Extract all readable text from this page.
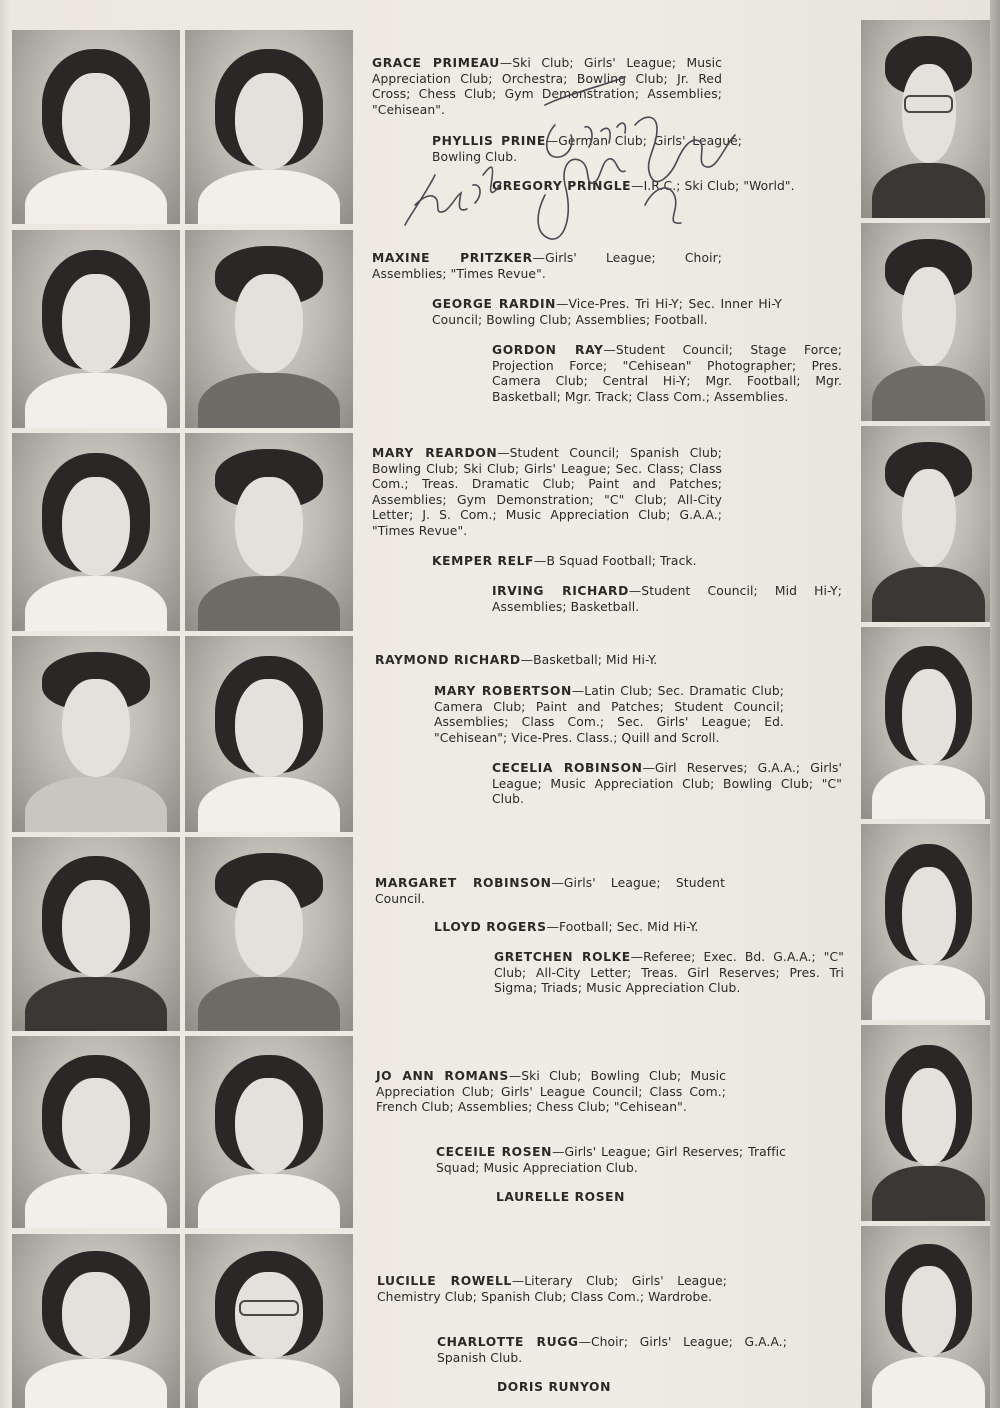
GRACE PRIMEAU—Ski Club; Girls' League; Music Appreciation Club; Orchestra; Bowling Club; Jr. Red Cross; Chess Club; Gym Demonstration; Assemblies; "Cehisean".
PHYLLIS PRINE—German Club; Girls' League; Bowling Club.
GREGORY PRINGLE—I.R.C.; Ski Club; "World".
MAXINE PRITZKER—Girls' League; Choir; Assemblies; "Times Revue".
GEORGE RARDIN—Vice-Pres. Tri Hi-Y; Sec. Inner Hi-Y Council; Bowling Club; Assemblies; Football.
GORDON RAY—Student Council; Stage Force; Projection Force; "Cehisean" Photographer; Pres. Camera Club; Central Hi-Y; Mgr. Football; Mgr. Basketball; Mgr. Track; Class Com.; Assemblies.
MARY REARDON—Student Council; Spanish Club; Bowling Club; Ski Club; Girls' League; Sec. Class; Class Com.; Treas. Dramatic Club; Paint and Patches; Assemblies; Gym Demonstration; "C" Club; All-City Letter; J. S. Com.; Music Appreciation Club; G.A.A.; "Times Revue".
KEMPER RELF—B Squad Football; Track.
IRVING RICHARD—Student Council; Mid Hi-Y; Assemblies; Basketball.
RAYMOND RICHARD—Basketball; Mid Hi-Y.
MARY ROBERTSON—Latin Club; Sec. Dramatic Club; Camera Club; Paint and Patches; Student Council; Assemblies; Class Com.; Sec. Girls' League; Ed. "Cehisean"; Vice-Pres. Class.; Quill and Scroll.
CECELIA ROBINSON—Girl Reserves; G.A.A.; Girls' League; Music Appreciation Club; Bowling Club; "C" Club.
MARGARET ROBINSON—Girls' League; Student Council.
LLOYD ROGERS—Football; Sec. Mid Hi-Y.
GRETCHEN ROLKE—Referee; Exec. Bd. G.A.A.; "C" Club; All-City Letter; Treas. Girl Reserves; Pres. Tri Sigma; Triads; Music Appreciation Club.
JO ANN ROMANS—Ski Club; Bowling Club; Music Appreciation Club; Girls' League Council; Class Com.; French Club; Assemblies; Chess Club; "Cehisean".
CECEILE ROSEN—Girls' League; Girl Reserves; Traffic Squad; Music Appreciation Club.
LAURELLE ROSEN
LUCILLE ROWELL—Literary Club; Girls' League; Chemistry Club; Spanish Club; Class Com.; Wardrobe.
CHARLOTTE RUGG—Choir; Girls' League; G.A.A.; Spanish Club.
DORIS RUNYON
